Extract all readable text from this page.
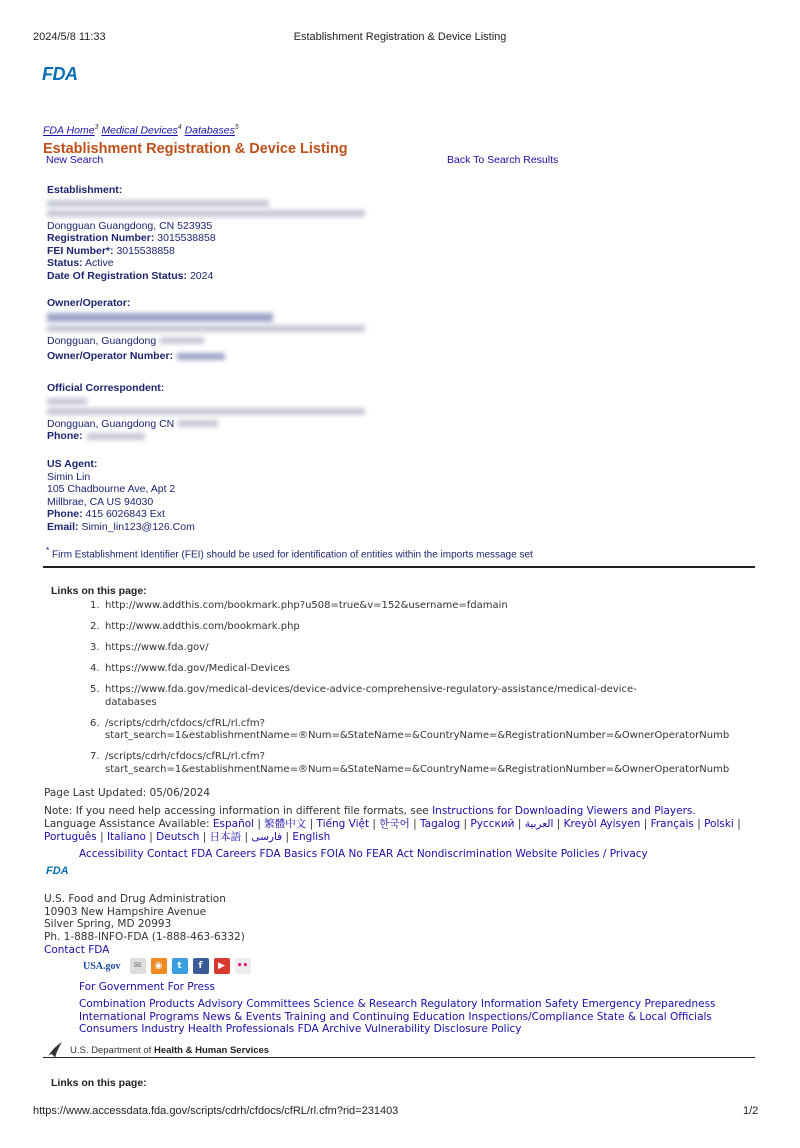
2024/5/8 11:33	Establishment Registration & Device Listing
FDA
FDA Home$^3$ Medical Devices$^4$ Databases$^5$
Establishment Registration & Device Listing
New Search	Back To Search Results
Establishment:
Dongguan Guangdong, CN 523935
Registration Number: 3015538858
FEI Number*: 3015538858
Status: Active
Date Of Registration Status: 2024
Owner/Operator:
Dongguan, Guangdong
Owner/Operator Number:
Official Correspondent:
Dongguan, Guangdong CN
Phone:
US Agent:
Simin Lin
105 Chadbourne Ave, Apt 2
Millbrae, CA US 94030
Phone: 415 6026843 Ext
Email: Simin_lin123@126.Com
* Firm Establishment Identifier (FEI) should be used for identification of entities within the imports message set
Links on this page:
1. http://www.addthis.com/bookmark.php?u508=true&v=152&username=fdamain
2. http://www.addthis.com/bookmark.php
3. https://www.fda.gov/
4. https://www.fda.gov/Medical-Devices
5. https://www.fda.gov/medical-devices/device-advice-comprehensive-regulatory-assistance/medical-device-
databases
6. /scripts/cdrh/cfdocs/cfRL/rl.cfm?
start_search=1&establishmentName=®Num=&StateName=&CountryName=&RegistrationNumber=&OwnerOperatorNumb
7. /scripts/cdrh/cfdocs/cfRL/rl.cfm?
start_search=1&establishmentName=®Num=&StateName=&CountryName=&RegistrationNumber=&OwnerOperatorNumb
Page Last Updated: 05/06/2024
Note: If you need help accessing information in different file formats, see Instructions for Downloading Viewers and Players.
Language Assistance Available: Español | 繁體中文 | Tiếng Việt | 한국어 | Tagalog | Русский | العربية | Kreyòl Ayisyen | Français | Polski |
Português | Italiano | Deutsch | 日本語 | فارسی | English
Accessibility Contact FDA Careers FDA Basics FOIA No FEAR Act Nondiscrimination Website Policies / Privacy
FDA
U.S. Food and Drug Administration
10903 New Hampshire Avenue
Silver Spring, MD 20993
Ph. 1-888-INFO-FDA (1-888-463-6332)
Contact FDA
USA.gov	✉	◉	t	f	▶	••
For Government For Press
Combination Products Advisory Committees Science & Research Regulatory Information Safety Emergency Preparedness
International Programs News & Events Training and Continuing Education Inspections/Compliance State & Local Officials
Consumers Industry Health Professionals FDA Archive Vulnerability Disclosure Policy
U.S. Department of Health & Human Services
Links on this page:
https://www.accessdata.fda.gov/scripts/cdrh/cfdocs/cfRL/rl.cfm?rid=231403	1/2
